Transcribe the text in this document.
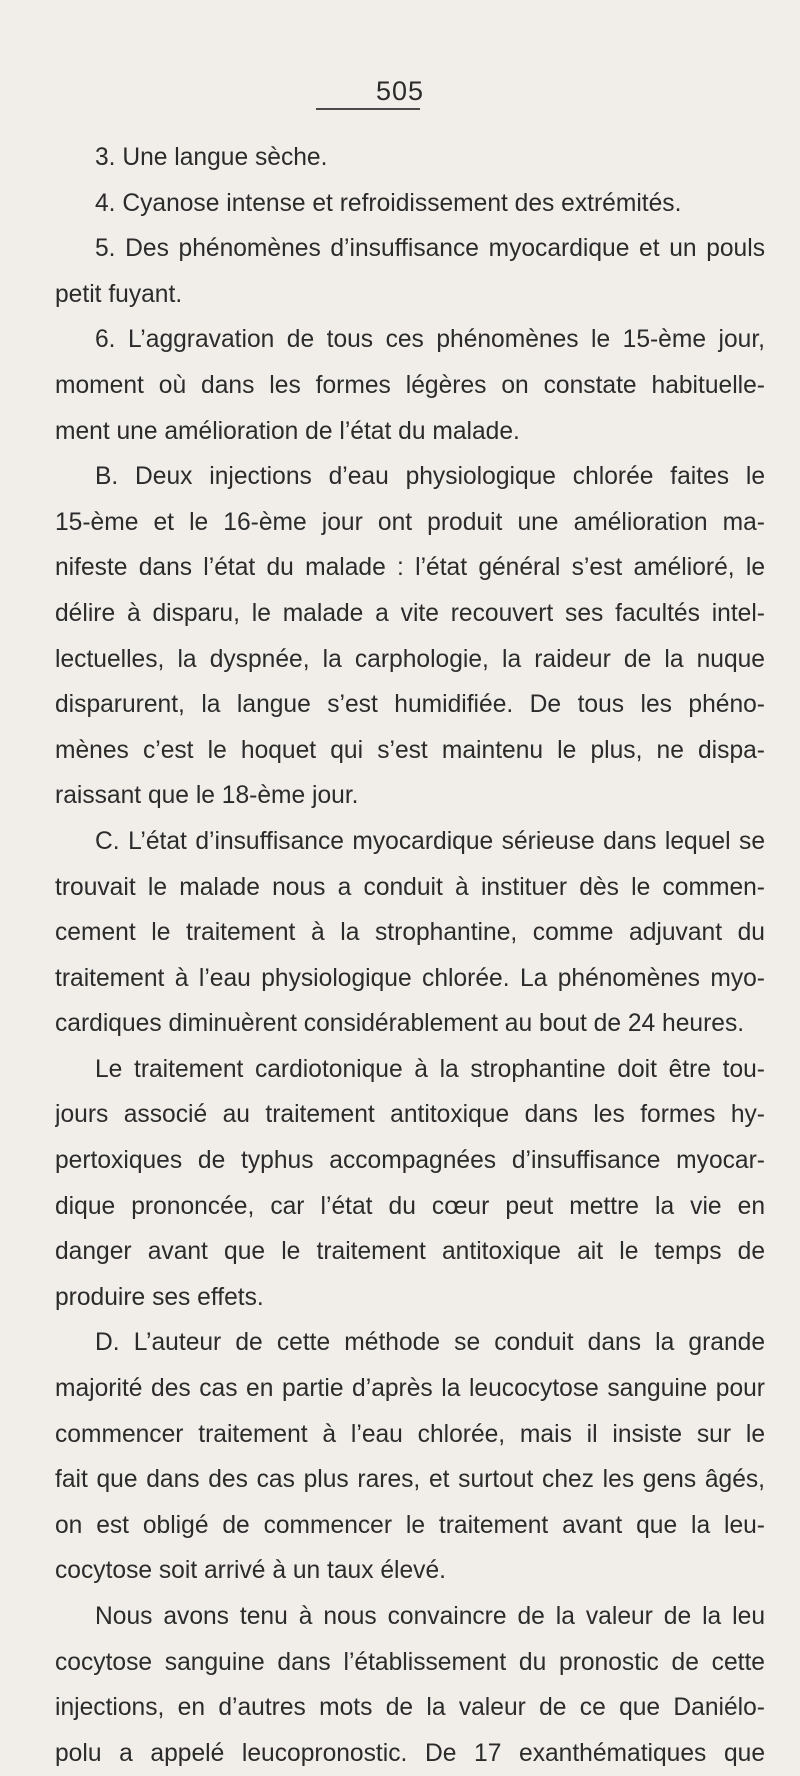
505
3. Une langue sèche.
4. Cyanose intense et refroidissement des extrémités.
5. Des phénomènes d’insuffisance myocardique et un pouls
petit fuyant.
6. L’aggravation de tous ces phénomènes le 15-ème jour,
moment où dans les formes légères on constate habituelle-
ment une amélioration de l’état du malade.
B. Deux injections d’eau physiologique chlorée faites le
15-ème et le 16-ème jour ont produit une amélioration ma-
nifeste dans l’état du malade : l’état général s’est amélioré, le
délire à disparu, le malade a vite recouvert ses facultés intel-
lectuelles, la dyspnée, la carphologie, la raideur de la nuque
disparurent, la langue s’est humidifiée. De tous les phéno-
mènes c’est le hoquet qui s’est maintenu le plus, ne dispa-
raissant que le 18-ème jour.
C. L’état d’insuffisance myocardique sérieuse dans lequel se
trouvait le malade nous a conduit à instituer dès le commen-
cement le traitement à la strophantine, comme adjuvant du
traitement à l’eau physiologique chlorée. La phénomènes myo-
cardiques diminuèrent considérablement au bout de 24 heures.
Le traitement cardiotonique à la strophantine doit être tou-
jours associé au traitement antitoxique dans les formes hy-
pertoxiques de typhus accompagnées d’insuffisance myocar-
dique prononcée, car l’état du cœur peut mettre la vie en
danger avant que le traitement antitoxique ait le temps de
produire ses effets.
D. L’auteur de cette méthode se conduit dans la grande
majorité des cas en partie d’après la leucocytose sanguine pour
commencer traitement à l’eau chlorée, mais il insiste sur le
fait que dans des cas plus rares, et surtout chez les gens âgés,
on est obligé de commencer le traitement avant que la leu-
cocytose soit arrivé à un taux élevé.
Nous avons tenu à nous convaincre de la valeur de la leu
cocytose sanguine dans l’établissement du pronostic de cette
injections, en d’autres mots de la valeur de ce que Daniélo-
polu a appelé leucopronostic. De 17 exanthématiques que
